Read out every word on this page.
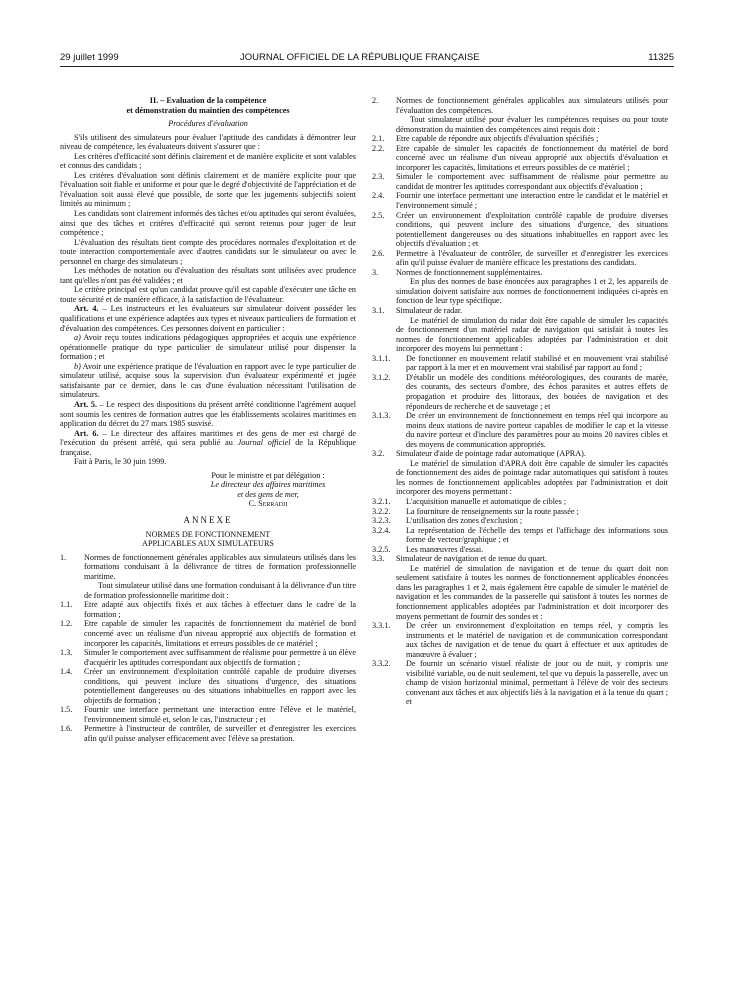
29 juillet 1999	JOURNAL OFFICIEL DE LA RÉPUBLIQUE FRANÇAISE	11325

II. – Evaluation de la compétence

et démonstration du maintien des compétences

Procédures d'évaluation

S'ils utilisent des simulateurs pour évaluer l'aptitude des candidats à démontrer leur niveau de compétence, les évaluateurs doivent s'assurer que :

Les critères d'efficacité sont définis clairement et de manière explicite et sont valables et connus des candidats ;

Les critères d'évaluation sont définis clairement et de manière explicite pour que l'évaluation soit fiable et uniforme et pour que le degré d'objectivité de l'appréciation et de l'évaluation soit aussi élevé que possible, de sorte que les jugements subjectifs soient limités au minimum ;

Les candidats sont clairement informés des tâches et/ou aptitudes qui seront évaluées, ainsi que des tâches et critères d'efficacité qui seront retenus pour juger de leur compétence ;

L'évaluation des résultats tient compte des procédures normales d'exploitation et de toute interaction comportementale avec d'autres candidats sur le simulateur ou avec le personnel en charge des simulateurs ;

Les méthodes de notation ou d'évaluation des résultats sont utilisées avec prudence tant qu'elles n'ont pas été validées ; et

Le critère principal est qu'un candidat prouve qu'il est capable d'exécuter une tâche en toute sécurité et de manière efficace, à la satisfaction de l'évaluateur.

Art. 4. – Les instructeurs et les évaluateurs sur simulateur doivent posséder les qualifications et une expérience adaptées aux types et niveaux particuliers de formation et d'évaluation des compétences. Ces personnes doivent en particulier :

a) Avoir reçu toutes indications pédagogiques appropriées et acquis une expérience opérationnelle pratique du type particulier de simulateur utilisé pour dispenser la formation ; et

b) Avoir une expérience pratique de l'évaluation en rapport avec le type particulier de simulateur utilisé, acquise sous la supervision d'un évaluateur expérimenté et jugée satisfaisante par ce dernier, dans le cas d'une évaluation nécessitant l'utilisation de simulateurs.

Art. 5. – Le respect des dispositions du présent arrêté conditionne l'agrément auquel sont soumis les centres de formation autres que les établissements scolaires maritimes en application du décret du 27 mars 1985 susvisé.

Art. 6. – Le directeur des affaires maritimes et des gens de mer est chargé de l'exécution du présent arrêté, qui sera publié au Journal officiel de la République française.

Fait à Paris, le 30 juin 1999.

Pour le ministre et par délégation :

Le directeur des affaires maritimes

et des gens de mer,

C. Serradji

ANNEXE

NORMES DE FONCTIONNEMENT

APPLICABLES AUX SIMULATEURS

1.	Normes de fonctionnement générales applicables aux simulateurs utilisés dans les formations conduisant à la délivrance de titres de formation professionnelle maritime.

Tout simulateur utilisé dans une formation conduisant à la délivrance d'un titre de formation professionnelle maritime doit :

1.1.	Etre adapté aux objectifs fixés et aux tâches à effectuer dans le cadre de la formation ;
1.2.	Etre capable de simuler les capacités de fonctionnement du matériel de bord concerné avec un réalisme d'un niveau approprié aux objectifs de formation et incorporer les capacités, limitations et erreurs possibles de ce matériel ;
1.3.	Simuler le comportement avec suffisamment de réalisme pour permettre à un élève d'acquérir les aptitudes correspondant aux objectifs de formation ;
1.4.	Créer un environnement d'exploitation contrôlé capable de produire diverses conditions, qui peuvent inclure des situations d'urgence, des situations potentiellement dangereuses ou des situations inhabituelles en rapport avec les objectifs de formation ;
1.5.	Fournir une interface permettant une interaction entre l'élève et le matériel, l'environnement simulé et, selon le cas, l'instructeur ; et
1.6.	Permettre à l'instructeur de contrôler, de surveiller et d'enregistrer les exercices afin qu'il puisse analyser efficacement avec l'élève sa prestation.
2.	Normes de fonctionnement générales applicables aux simulateurs utilisés pour l'évaluation des compétences.

Tout simulateur utilisé pour évaluer les compétences requises ou pour toute démonstration du maintien des compétences ainsi requis doit :

2.1.	Etre capable de répondre aux objectifs d'évaluation spécifiés ;
2.2.	Etre capable de simuler les capacités de fonctionnement du matériel de bord concerné avec un réalisme d'un niveau approprié aux objectifs d'évaluation et incorporer les capacités, limitations et erreurs possibles de ce matériel ;
2.3.	Simuler le comportement avec suffisamment de réalisme pour permettre au candidat de montrer les aptitudes correspondant aux objectifs d'évaluation ;
2.4.	Fournir une interface permettant une interaction entre le candidat et le matériel et l'environnement simulé ;
2.5.	Créer un environnement d'exploitation contrôlé capable de produire diverses conditions, qui peuvent inclure des situations d'urgence, des situations potentiellement dangereuses ou des situations inhabituelles en rapport avec les objectifs d'évaluation ; et
2.6.	Permettre à l'évaluateur de contrôler, de surveiller et d'enregistrer les exercices afin qu'il puisse évaluer de manière efficace les prestations des candidats.
3.	Normes de fonctionnement supplémentaires.

En plus des normes de base énoncées aux paragraphes 1 et 2, les appareils de simulation doivent satisfaire aux normes de fonctionnement indiquées ci-après en fonction de leur type spécifique.

3.1.	Simulateur de radar.

Le matériel de simulation du radar doit être capable de simuler les capacités de fonctionnement d'un matériel radar de navigation qui satisfait à toutes les normes de fonctionnement applicables adoptées par l'administration et doit incorporer des moyens lui permettant :

3.1.1.	De fonctionner en mouvement relatif stabilisé et en mouvement vrai stabilisé par rapport à la mer et en mouvement vrai stabilisé par rapport au fond ;
3.1.2.	D'établir un modèle des conditions météorologiques, des courants de marée, des courants, des secteurs d'ombre, des échos parasites et autres effets de propagation et produire des littoraux, des bouées de navigation et des répondeurs de recherche et de sauvetage ; et
3.1.3.	De créer un environnement de fonctionnement en temps réel qui incorpore au moins deux stations de navire porteur capables de modifier le cap et la vitesse du navire porteur et d'inclure des paramètres pour au moins 20 navires cibles et des moyens de communication appropriés.
3.2.	Simulateur d'aide de pointage radar automatique (APRA).

Le matériel de simulation d'APRA doit être capable de simuler les capacités de fonctionnement des aides de pointage radar automatiques qui satisfont à toutes les normes de fonctionnement applicables adoptées par l'administration et doit incorporer des moyens permettant :

3.2.1.	L'acquisition manuelle et automatique de cibles ;
3.2.2.	La fourniture de renseignements sur la route passée ;
3.2.3.	L'utilisation des zones d'exclusion ;
3.2.4.	La représentation de l'échelle des temps et l'affichage des informations sous forme de vecteur/graphique ; et
3.2.5.	Les manœuvres d'essai.
3.3.	Simulateur de navigation et de tenue du quart.

Le matériel de simulation de navigation et de tenue du quart doit non seulement satisfaire à toutes les normes de fonctionnement applicables énoncées dans les paragraphes 1 et 2, mais également être capable de simuler le matériel de navigation et les commandes de la passerelle qui satisfont à toutes les normes de fonctionnement applicables adoptées par l'administration et doit incorporer des moyens permettant de fournir des sondes et :

3.3.1.	De créer un environnement d'exploitation en temps réel, y compris les instruments et le matériel de navigation et de communication correspondant aux tâches de navigation et de tenue du quart à effectuer et aux aptitudes de manœuvre à évaluer ;
3.3.2.	De fournir un scénario visuel réaliste de jour ou de nuit, y compris une visibilité variable, ou de nuit seulement, tel que vu depuis la passerelle, avec un champ de vision horizontal minimal, permettant à l'élève de voir des secteurs convenant aux tâches et aux objectifs liés à la navigation et à la tenue du quart ; et
